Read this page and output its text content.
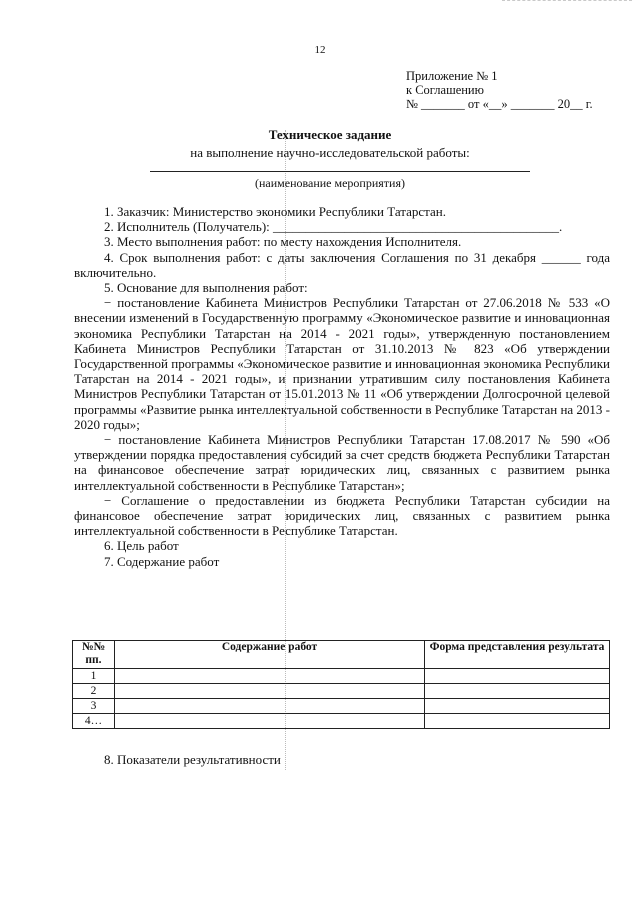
12
Приложение № 1
к Соглашению
№ _______ от «__» _______ 20__ г.
Техническое задание
на выполнение научно-исследовательской работы:
(наименование мероприятия)

1. Заказчик: Министерство экономики Республики Татарстан.

2. Исполнитель (Получатель): ____________________________________________.

3. Место выполнения работ: по месту нахождения Исполнителя.

4. Срок выполнения работ: с даты заключения Соглашения по 31 декабря ______ года включительно.

5. Основание для выполнения работ:

− постановление Кабинета Министров Республики Татарстан от 27.06.2018 № 533 «О внесении изменений в Государственную программу «Экономическое развитие и инновационная экономика Республики Татарстан на 2014 - 2021 годы», утвержденную постановлением Кабинета Министров Республики Татарстан от 31.10.2013 № 823 «Об утверждении Государственной программы «Экономическое развитие и инновационная экономика Республики Татарстан на 2014 - 2021 годы», и признании утратившим силу постановления Кабинета Министров Республики Татарстан от 15.01.2013 № 11 «Об утверждении Долгосрочной целевой программы «Развитие рынка интеллектуальной собственности в Республике Татарстан на 2013 - 2020 годы»;

− постановление Кабинета Министров Республики Татарстан 17.08.2017 № 590 «Об утверждении порядка предоставления субсидий за счет средств бюджета Республики Татарстан на финансовое обеспечение затрат юридических лиц, связанных с развитием рынка интеллектуальной собственности в Республике Татарстан»;

− Соглашение о предоставлении из бюджета Республики Татарстан субсидии на финансовое обеспечение затрат юридических лиц, связанных с развитием рынка интеллектуальной собственности в Республике Татарстан.

6. Цель работ

7. Содержание работ

№№ пп.	Содержание работ	Форма представления результата
1		
2		
3		
4…		
8. Показатели результативности
